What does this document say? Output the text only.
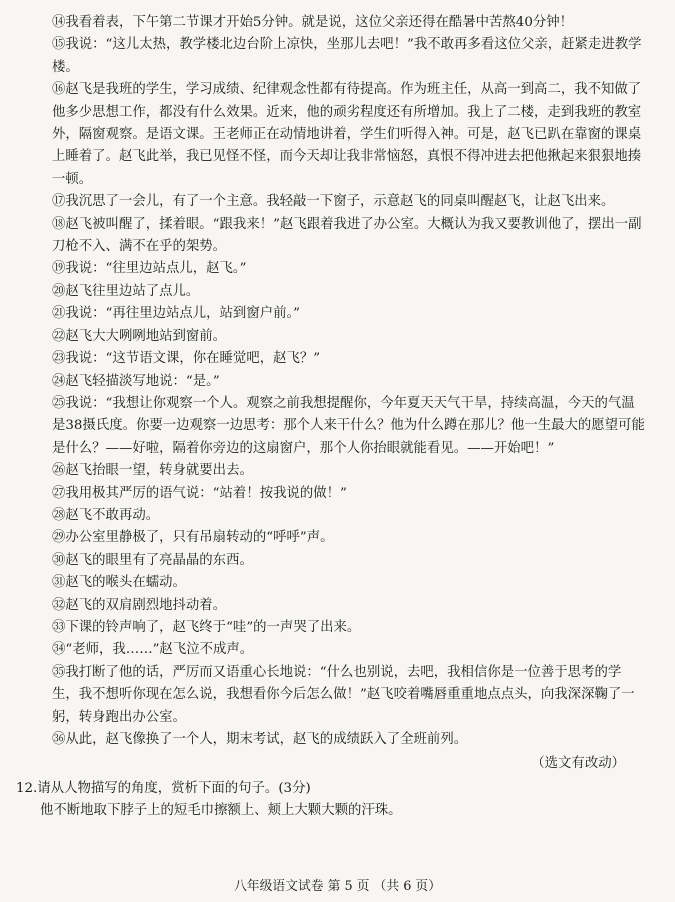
⑭我看着表，下午第二节课才开始5分钟。就是说，这位父亲还得在酷暑中苦熬40分钟！

⑮我说：“这儿太热，教学楼北边台阶上凉快，坐那儿去吧！”我不敢再多看这位父亲，赶紧走进教学楼。

⑯赵飞是我班的学生，学习成绩、纪律观念性都有待提高。作为班主任，从高一到高二，我不知做了他多少思想工作，都没有什么效果。近来，他的顽劣程度还有所增加。我上了二楼，走到我班的教室外，隔窗观察。是语文课。王老师正在动情地讲着，学生们听得入神。可是，赵飞已趴在靠窗的课桌上睡着了。赵飞此举，我已见怪不怪，而今天却让我非常恼怒，真恨不得冲进去把他揪起来狠狠地揍一顿。

⑰我沉思了一会儿，有了一个主意。我轻敲一下窗子，示意赵飞的同桌叫醒赵飞，让赵飞出来。

⑱赵飞被叫醒了，揉着眼。“跟我来！”赵飞跟着我进了办公室。大概认为我又要教训他了，摆出一副刀枪不入、满不在乎的架势。

⑲我说：“往里边站点儿，赵飞。”

⑳赵飞往里边站了点儿。

㉑我说：“再往里边站点儿，站到窗户前。”

㉒赵飞大大咧咧地站到窗前。

㉓我说：“这节语文课，你在睡觉吧，赵飞？”

㉔赵飞轻描淡写地说：“是。”

㉕我说：“我想让你观察一个人。观察之前我想提醒你，今年夏天天气干旱，持续高温，今天的气温是38摄氏度。你要一边观察一边思考：那个人来干什么？他为什么蹲在那儿？他一生最大的愿望可能是什么？——好啦，隔着你旁边的这扇窗户，那个人你抬眼就能看见。——开始吧！”

㉖赵飞抬眼一望，转身就要出去。

㉗我用极其严厉的语气说：“站着！按我说的做！”

㉘赵飞不敢再动。

㉙办公室里静极了，只有吊扇转动的“呼呼”声。

㉚赵飞的眼里有了亮晶晶的东西。

㉛赵飞的喉头在蠕动。

㉜赵飞的双肩剧烈地抖动着。

㉝下课的铃声响了，赵飞终于“哇”的一声哭了出来。

㉞“老师，我……”赵飞泣不成声。

㉟我打断了他的话，严厉而又语重心长地说：“什么也别说，去吧，我相信你是一位善于思考的学生，我不想听你现在怎么说，我想看你今后怎么做！”赵飞咬着嘴唇重重地点点头，向我深深鞠了一躬，转身跑出办公室。

㊱从此，赵飞像换了一个人，期末考试，赵飞的成绩跃入了全班前列。

（选文有改动）

12.请从人物描写的角度，赏析下面的句子。(3分)

他不断地取下脖子上的短毛巾擦额上、颊上大颗大颗的汗珠。

八年级语文试卷 第 5 页 （共 6 页）
